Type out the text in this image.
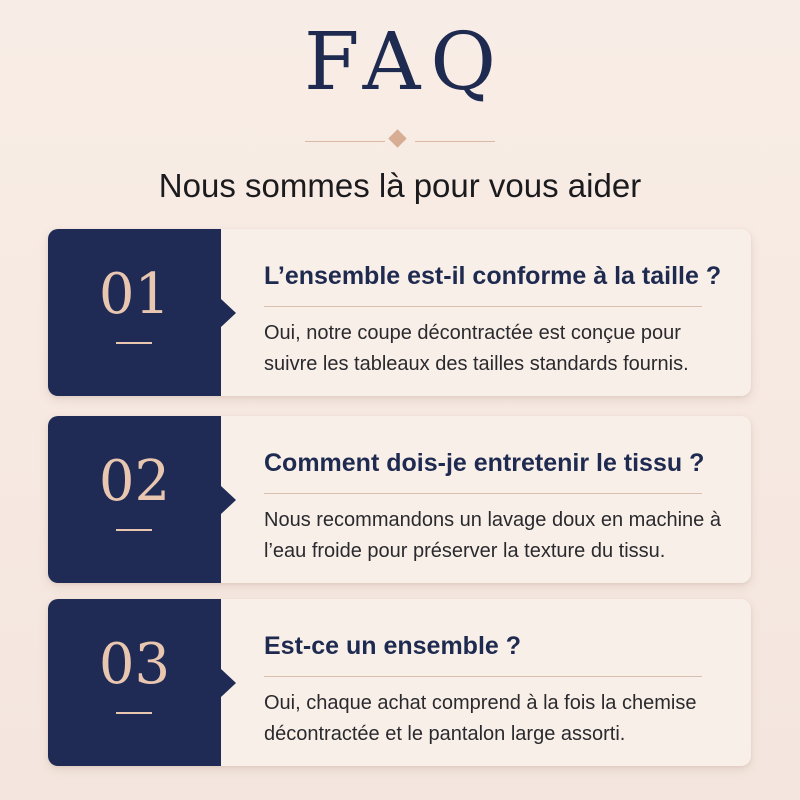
FAQ
Nous sommes là pour vous aider
01	L’ensemble est-il conforme à la taille ?
Oui, notre coupe décontractée est conçue pour suivre les tableaux des tailles standards fournis.
02	Comment dois-je entretenir le tissu ?
Nous recommandons un lavage doux en machine à l’eau froide pour préserver la texture du tissu.
03	Est-ce un ensemble ?
Oui, chaque achat comprend à la fois la chemise décontractée et le pantalon large assorti.
